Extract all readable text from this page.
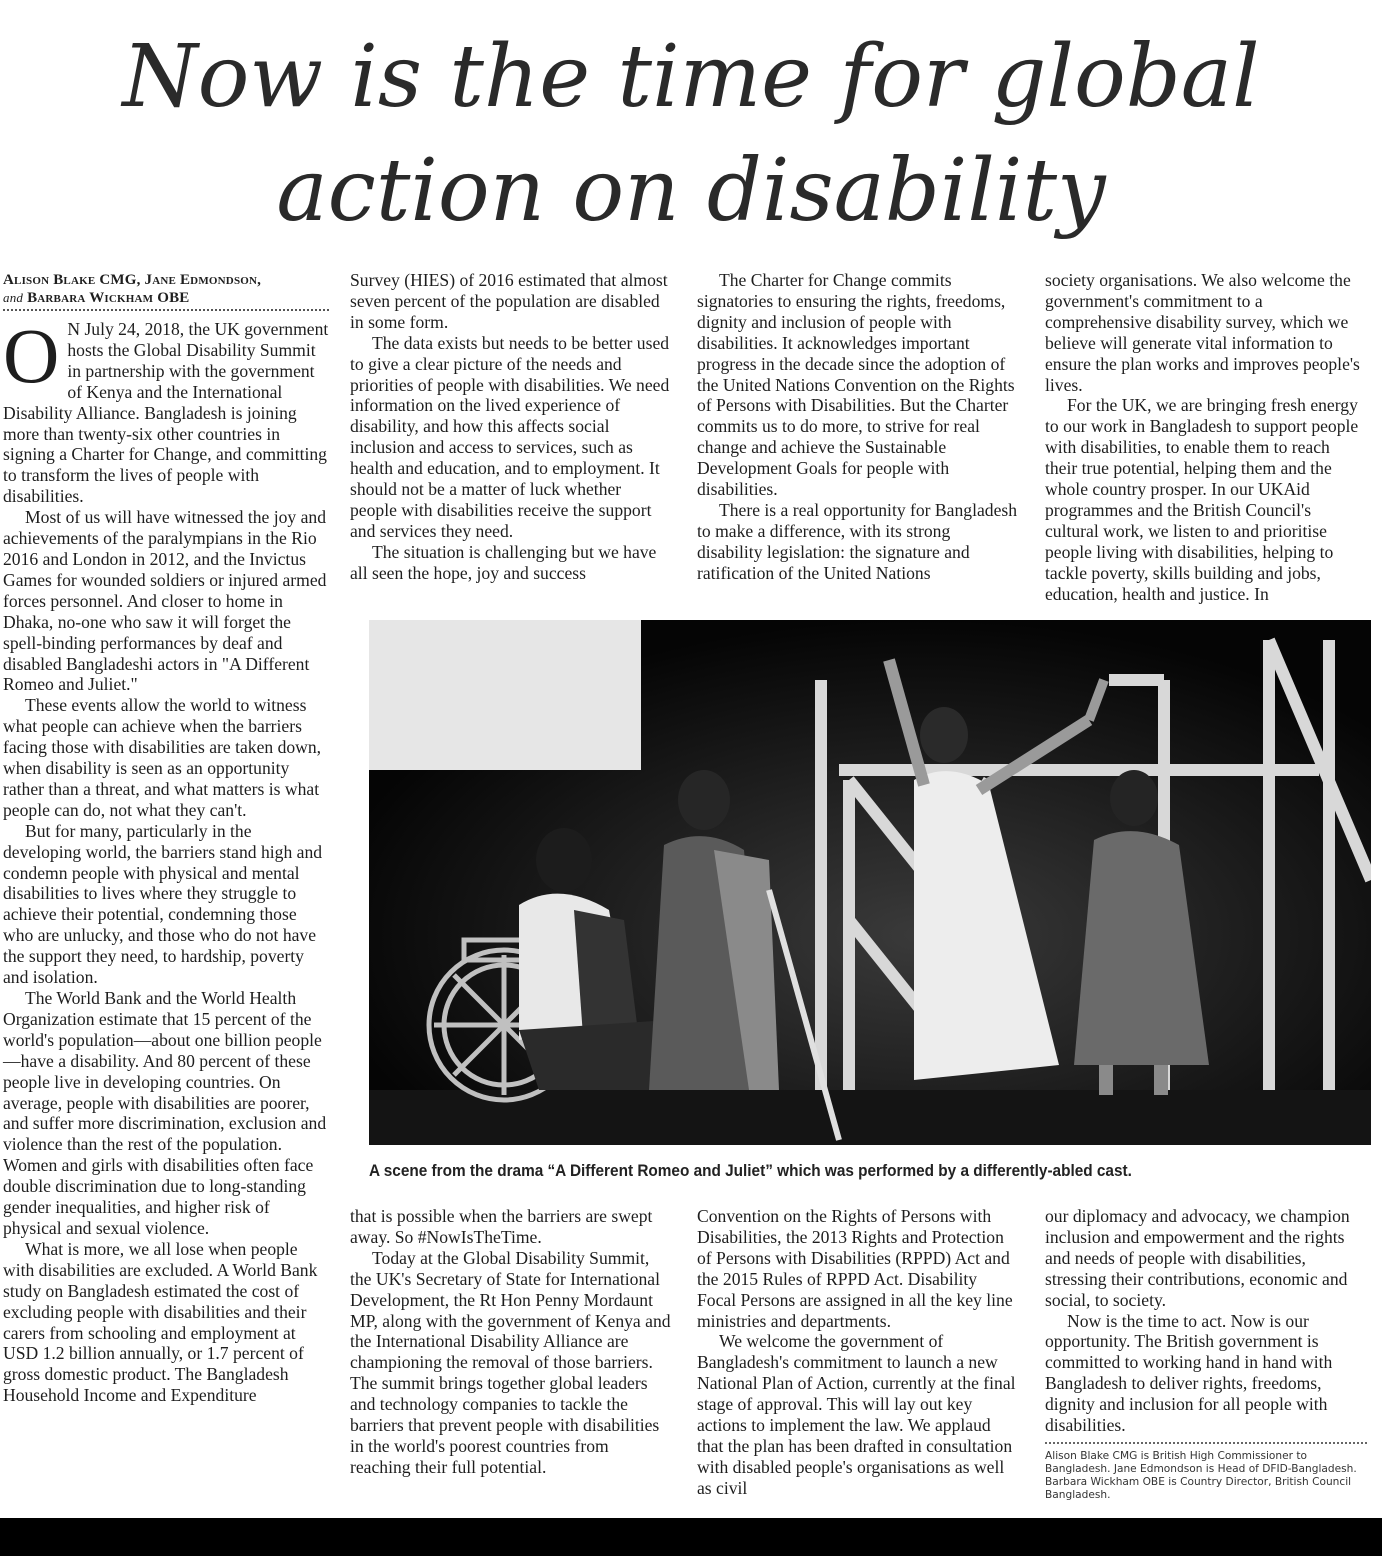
Now is the time for global
action on disability
Alison Blake CMG, Jane Edmondson,
and Barbara Wickham OBE

O N July 24, 2018, the UK government hosts the Global Disability Summit in partnership with the government of Kenya and the International Disability Alliance. Bangladesh is joining more than twenty-six other countries in signing a Charter for Change, and committing to transform the lives of people with disabilities.

Most of us will have witnessed the joy and achievements of the paralympians in the Rio 2016 and London in 2012, and the Invictus Games for wounded soldiers or injured armed forces personnel. And closer to home in Dhaka, no-one who saw it will forget the spell-binding performances by deaf and disabled Bangladeshi actors in "A Different Romeo and Juliet."

These events allow the world to witness what people can achieve when the barriers facing those with disabilities are taken down, when disability is seen as an opportunity rather than a threat, and what matters is what people can do, not what they can't.

But for many, particularly in the developing world, the barriers stand high and condemn people with physical and mental disabilities to lives where they struggle to achieve their potential, condemning those who are unlucky, and those who do not have the support they need, to hardship, poverty and isolation.

The World Bank and the World Health Organization estimate that 15 percent of the world's population—about one billion people—have a disability. And 80 percent of these people live in developing countries. On average, people with disabilities are poorer, and suffer more discrimination, exclusion and violence than the rest of the population. Women and girls with disabilities often face double discrimination due to long-standing gender inequalities, and higher risk of physical and sexual violence.

What is more, we all lose when people with disabilities are excluded. A World Bank study on Bangladesh estimated the cost of excluding people with disabilities and their carers from schooling and employment at USD 1.2 billion annually, or 1.7 percent of gross domestic product. The Bangladesh Household Income and Expenditure

Survey (HIES) of 2016 estimated that almost seven percent of the population are disabled in some form.

The data exists but needs to be better used to give a clear picture of the needs and priorities of people with disabilities. We need information on the lived experience of disability, and how this affects social inclusion and access to services, such as health and education, and to employment. It should not be a matter of luck whether people with disabilities receive the support and services they need.

The situation is challenging but we have all seen the hope, joy and success

The Charter for Change commits signatories to ensuring the rights, freedoms, dignity and inclusion of people with disabilities. It acknowledges important progress in the decade since the adoption of the United Nations Convention on the Rights of Persons with Disabilities. But the Charter commits us to do more, to strive for real change and achieve the Sustainable Development Goals for people with disabilities.

There is a real opportunity for Bangladesh to make a difference, with its strong disability legislation: the signature and ratification of the United Nations

society organisations. We also welcome the government's commitment to a comprehensive disability survey, which we believe will generate vital information to ensure the plan works and improves people's lives.

For the UK, we are bringing fresh energy to our work in Bangladesh to support people with disabilities, to enable them to reach their true potential, helping them and the whole country prosper. In our UKAid programmes and the British Council's cultural work, we listen to and prioritise people living with disabilities, helping to tackle poverty, skills building and jobs, education, health and justice. In

A scene from the drama “A Different Romeo and Juliet” which was performed by a differently-abled cast.

that is possible when the barriers are swept away. So #NowIsTheTime.

Today at the Global Disability Summit, the UK's Secretary of State for International Development, the Rt Hon Penny Mordaunt MP, along with the government of Kenya and the International Disability Alliance are championing the removal of those barriers. The summit brings together global leaders and technology companies to tackle the barriers that prevent people with disabilities in the world's poorest countries from reaching their full potential.

Convention on the Rights of Persons with Disabilities, the 2013 Rights and Protection of Persons with Disabilities (RPPD) Act and the 2015 Rules of RPPD Act. Disability Focal Persons are assigned in all the key line ministries and departments.

We welcome the government of Bangladesh's commitment to launch a new National Plan of Action, currently at the final stage of approval. This will lay out key actions to implement the law. We applaud that the plan has been drafted in consultation with disabled people's organisations as well as civil

our diplomacy and advocacy, we champion inclusion and empowerment and the rights and needs of people with disabilities, stressing their contributions, economic and social, to society.

Now is the time to act. Now is our opportunity. The British government is committed to working hand in hand with Bangladesh to deliver rights, freedoms, dignity and inclusion for all people with disabilities.

Alison Blake CMG is British High Commissioner to Bangladesh. Jane Edmondson is Head of DFID-Bangladesh. Barbara Wickham OBE is Country Director, British Council Bangladesh.
